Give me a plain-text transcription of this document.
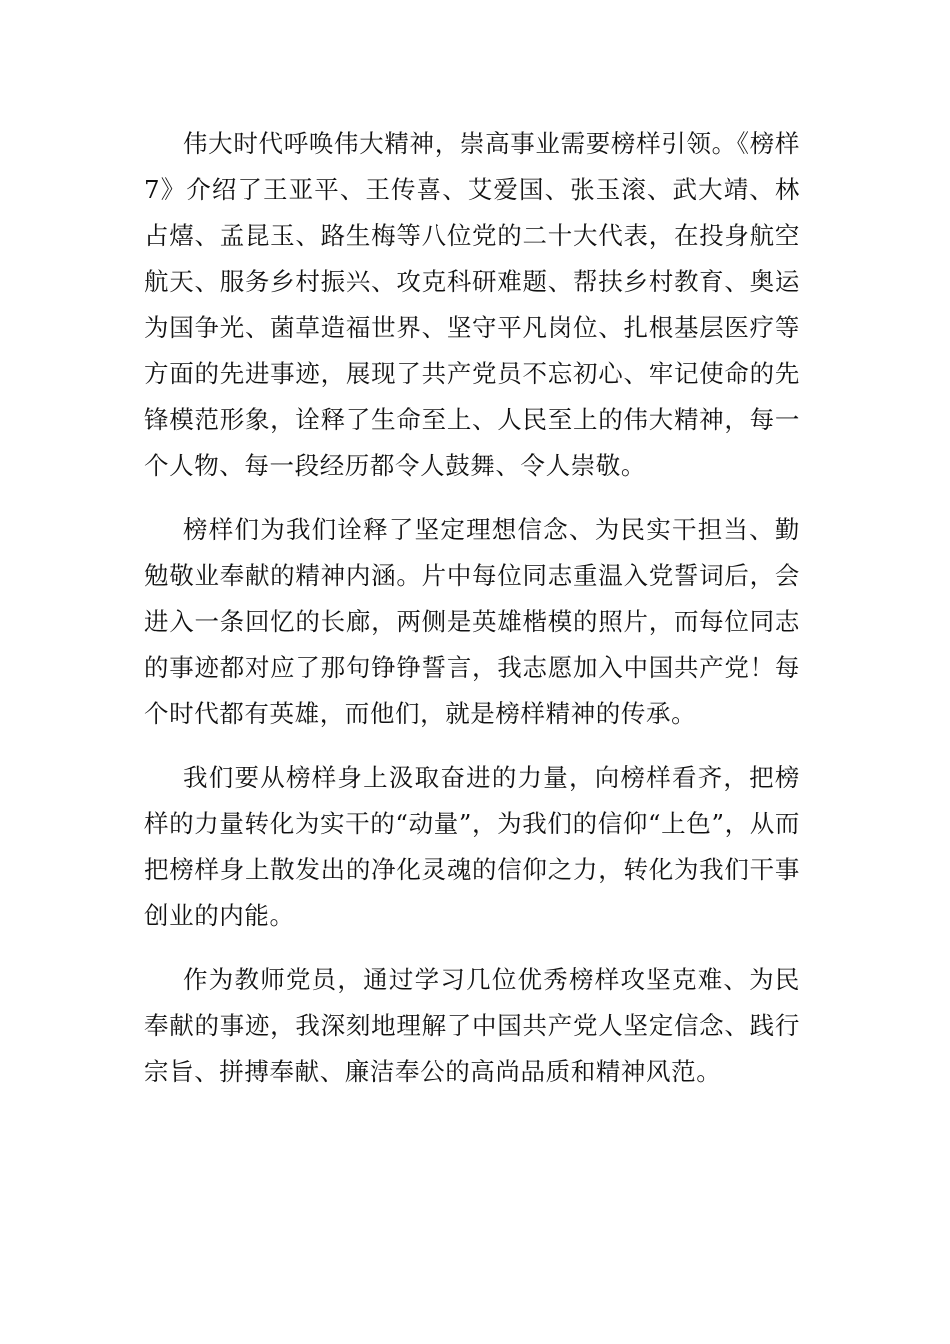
伟大时代呼唤伟大精神，崇高事业需要榜样引领。《榜样7》介绍了王亚平、王传喜、艾爱国、张玉滚、武大靖、林占熺、孟昆玉、路生梅等八位党的二十大代表，在投身航空航天、服务乡村振兴、攻克科研难题、帮扶乡村教育、奥运为国争光、菌草造福世界、坚守平凡岗位、扎根基层医疗等方面的先进事迹，展现了共产党员不忘初心、牢记使命的先锋模范形象，诠释了生命至上、人民至上的伟大精神，每一个人物、每一段经历都令人鼓舞、令人崇敬。

榜样们为我们诠释了坚定理想信念、为民实干担当、勤勉敬业奉献的精神内涵。片中每位同志重温入党誓词后，会进入一条回忆的长廊，两侧是英雄楷模的照片，而每位同志的事迹都对应了那句铮铮誓言，我志愿加入中国共产党！每个时代都有英雄，而他们，就是榜样精神的传承。

我们要从榜样身上汲取奋进的力量，向榜样看齐，把榜样的力量转化为实干的“动量”，为我们的信仰“上色”，从而把榜样身上散发出的净化灵魂的信仰之力，转化为我们干事创业的内能。

作为教师党员，通过学习几位优秀榜样攻坚克难、为民奉献的事迹，我深刻地理解了中国共产党人坚定信念、践行宗旨、拼搏奉献、廉洁奉公的高尚品质和精神风范。
